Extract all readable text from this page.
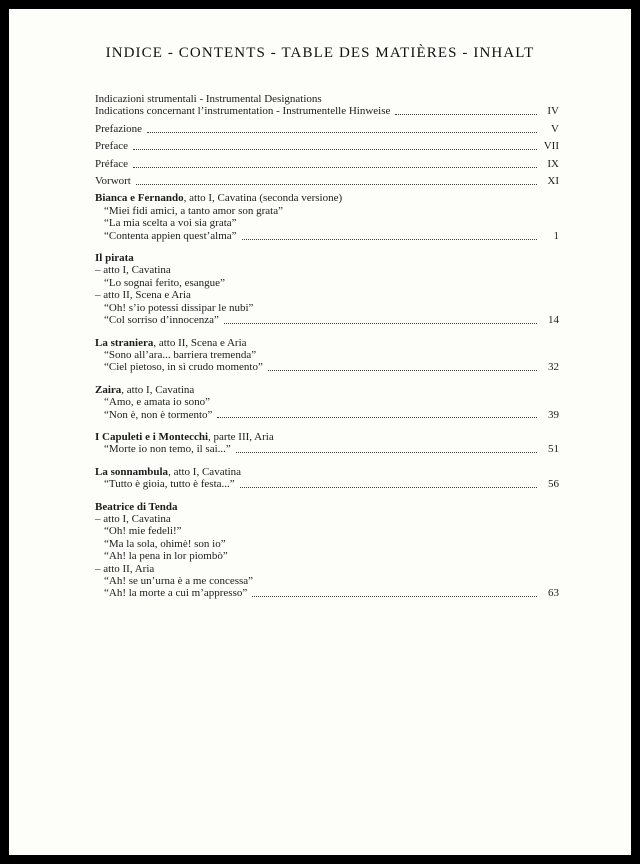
INDICE - CONTENTS - TABLE DES MATIÈRES - INHALT
Indicazioni strumentali - Instrumental Designations
Indications concernant l’instrumentation - Instrumentelle Hinweise	IV
Prefazione	V
Preface	VII
Préface	IX
Vorwort	XI
Bianca e Fernando , atto I, Cavatina (seconda versione)
“Miei fidi amici, a tanto amor son grata”
“La mia scelta a voi sia grata”
“Contenta appien quest’alma”	1
Il pirata
– atto I, Cavatina
“Lo sognai ferito, esangue”
– atto II, Scena e Aria
“Oh! s’io potessi dissipar le nubi”
“Col sorriso d’innocenza”	14
La straniera , atto II, Scena e Aria
“Sono all’ara... barriera tremenda”
“Ciel pietoso, in sì crudo momento”	32
Zaira , atto I, Cavatina
“Amo, e amata io sono”
“Non è, non è tormento”	39
I Capuleti e i Montecchi , parte III, Aria
“Morte io non temo, il sai...”	51
La sonnambula , atto I, Cavatina
“Tutto è gioia, tutto è festa...”	56
Beatrice di Tenda
– atto I, Cavatina
“Oh! mie fedeli!”
“Ma la sola, ohimè! son io”
“Ah! la pena in lor piombò”
– atto II, Aria
“Ah! se un’urna è a me concessa”
“Ah! la morte a cui m’appresso”	63
